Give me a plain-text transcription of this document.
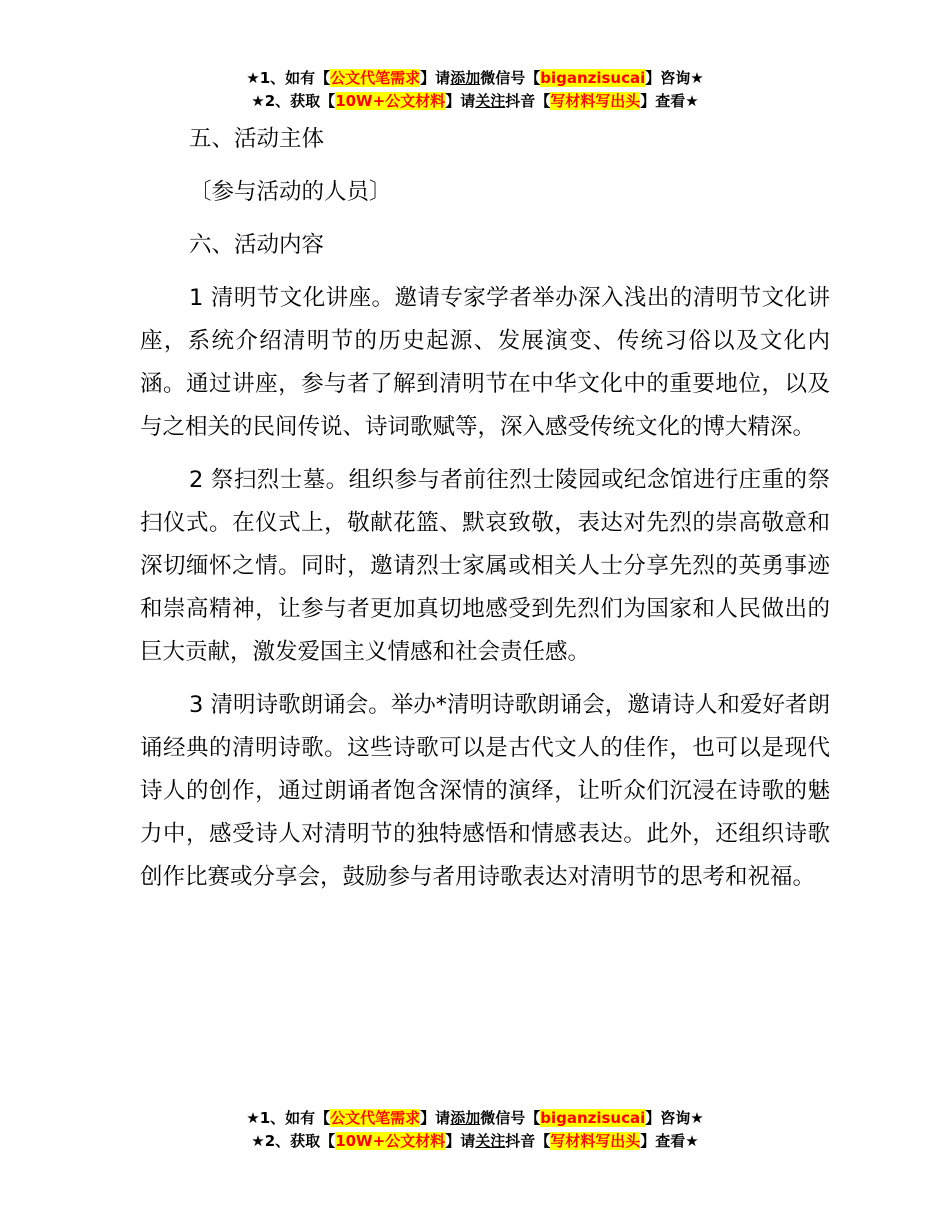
★1、如有【公文代笔需求】请添加微信号【biganzisucai】咨询★
★2、获取【10W+公文材料】请关注抖音【写材料写出头】查看★

五、活动主体

〔参与活动的人员〕

六、活动内容

1 清明节文化讲座。邀请专家学者举办深入浅出的清明节文化讲座，系统介绍清明节的历史起源、发展演变、传统习俗以及文化内涵。通过讲座，参与者了解到清明节在中华文化中的重要地位，以及与之相关的民间传说、诗词歌赋等，深入感受传统文化的博大精深。

2 祭扫烈士墓。组织参与者前往烈士陵园或纪念馆进行庄重的祭扫仪式。在仪式上，敬献花篮、默哀致敬，表达对先烈的崇高敬意和深切缅怀之情。同时，邀请烈士家属或相关人士分享先烈的英勇事迹和崇高精神，让参与者更加真切地感受到先烈们为国家和人民做出的巨大贡献，激发爱国主义情感和社会责任感。

3 清明诗歌朗诵会。举办*清明诗歌朗诵会，邀请诗人和爱好者朗诵经典的清明诗歌。这些诗歌可以是古代文人的佳作，也可以是现代诗人的创作，通过朗诵者饱含深情的演绎，让听众们沉浸在诗歌的魅力中，感受诗人对清明节的独特感悟和情感表达。此外，还组织诗歌创作比赛或分享会，鼓励参与者用诗歌表达对清明节的思考和祝福。

★1、如有【公文代笔需求】请添加微信号【biganzisucai】咨询★
★2、获取【10W+公文材料】请关注抖音【写材料写出头】查看★
